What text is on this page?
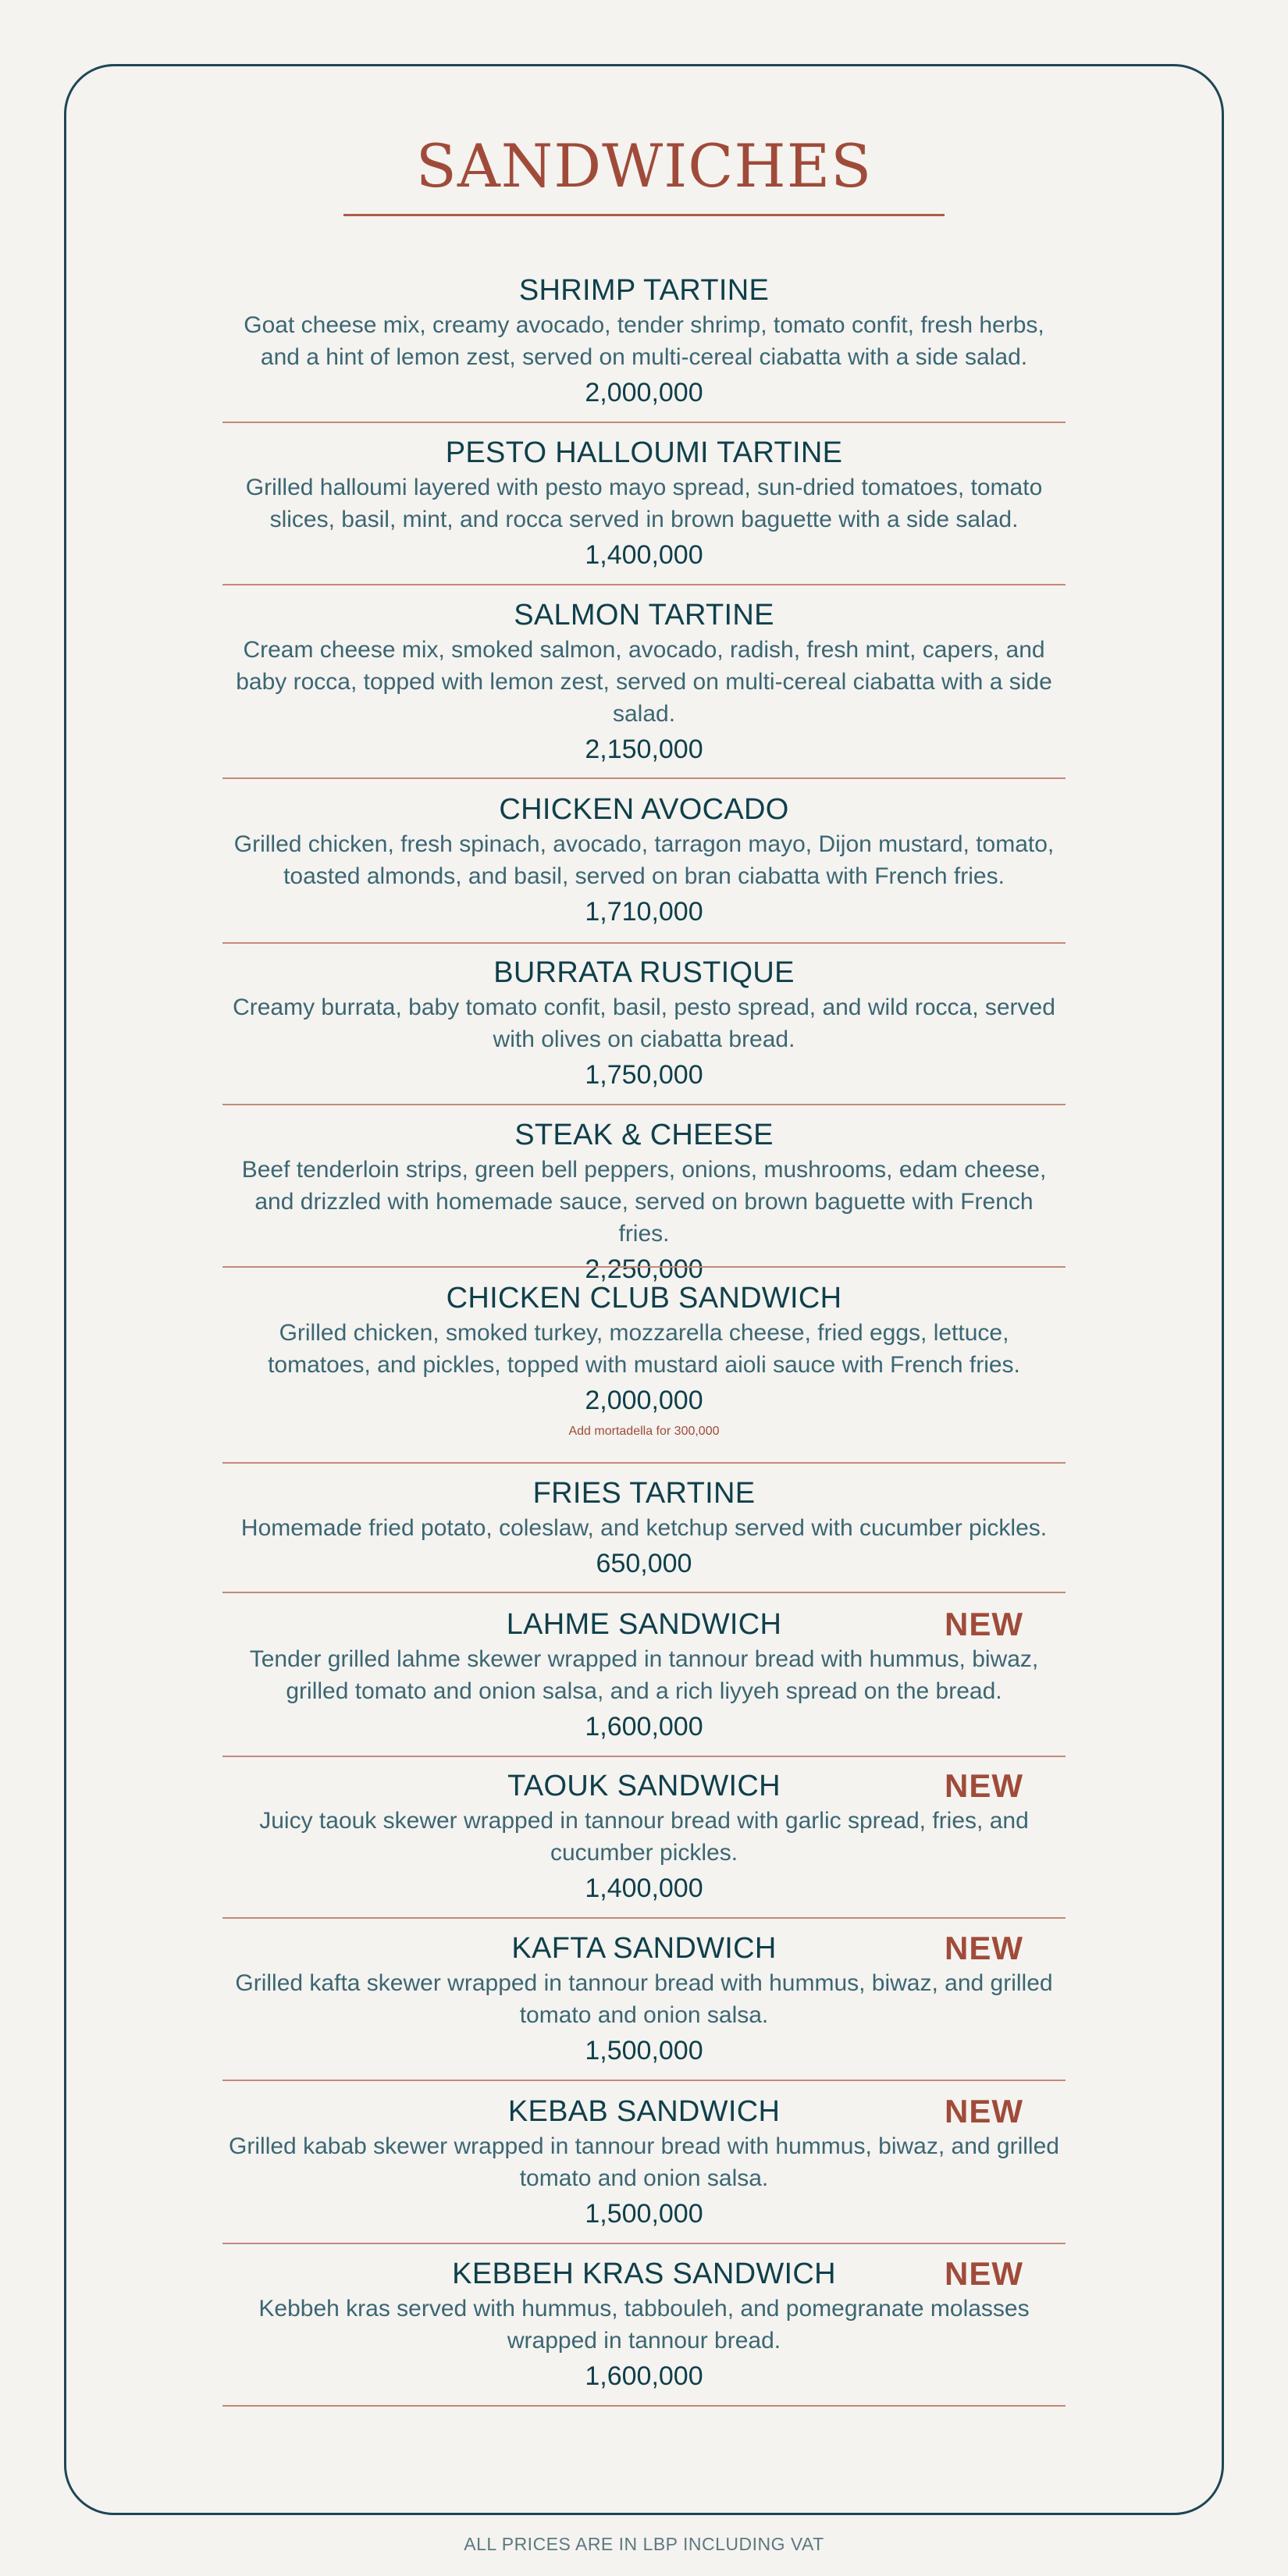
SANDWICHES
SHRIMP TARTINE
Goat cheese mix, creamy avocado, tender shrimp, tomato confit, fresh herbs, and a hint of lemon zest, served on multi-cereal ciabatta with a side salad.
2,000,000
PESTO HALLOUMI TARTINE
Grilled halloumi layered with pesto mayo spread, sun-dried tomatoes, tomato slices, basil, mint, and rocca served in brown baguette with a side salad.
1,400,000
SALMON TARTINE
Cream cheese mix, smoked salmon, avocado, radish, fresh mint, capers, and baby rocca, topped with lemon zest, served on multi-cereal ciabatta with a side salad.
2,150,000
CHICKEN AVOCADO
Grilled chicken, fresh spinach, avocado, tarragon mayo, Dijon mustard, tomato, toasted almonds, and basil, served on bran ciabatta with French fries.
1,710,000
BURRATA RUSTIQUE
Creamy burrata, baby tomato confit, basil, pesto spread, and wild rocca, served with olives on ciabatta bread.
1,750,000
STEAK & CHEESE
Beef tenderloin strips, green bell peppers, onions, mushrooms, edam cheese, and drizzled with homemade sauce, served on brown baguette with French fries.
2,250,000
CHICKEN CLUB SANDWICH
Grilled chicken, smoked turkey, mozzarella cheese, fried eggs, lettuce, tomatoes, and pickles, topped with mustard aioli sauce with French fries.
2,000,000
Add mortadella for 300,000
FRIES TARTINE
Homemade fried potato, coleslaw, and ketchup served with cucumber pickles.
650,000
LAHME SANDWICH	NEW
Tender grilled lahme skewer wrapped in tannour bread with hummus, biwaz, grilled tomato and onion salsa, and a rich liyyeh spread on the bread.
1,600,000
TAOUK SANDWICH	NEW
Juicy taouk skewer wrapped in tannour bread with garlic spread, fries, and cucumber pickles.
1,400,000
KAFTA SANDWICH	NEW
Grilled kafta skewer wrapped in tannour bread with hummus, biwaz, and grilled tomato and onion salsa.
1,500,000
KEBAB SANDWICH	NEW
Grilled kabab skewer wrapped in tannour bread with hummus, biwaz, and grilled tomato and onion salsa.
1,500,000
KEBBEH KRAS SANDWICH	NEW
Kebbeh kras served with hummus, tabbouleh, and pomegranate molasses wrapped in tannour bread.
1,600,000
ALL PRICES ARE IN LBP INCLUDING VAT
